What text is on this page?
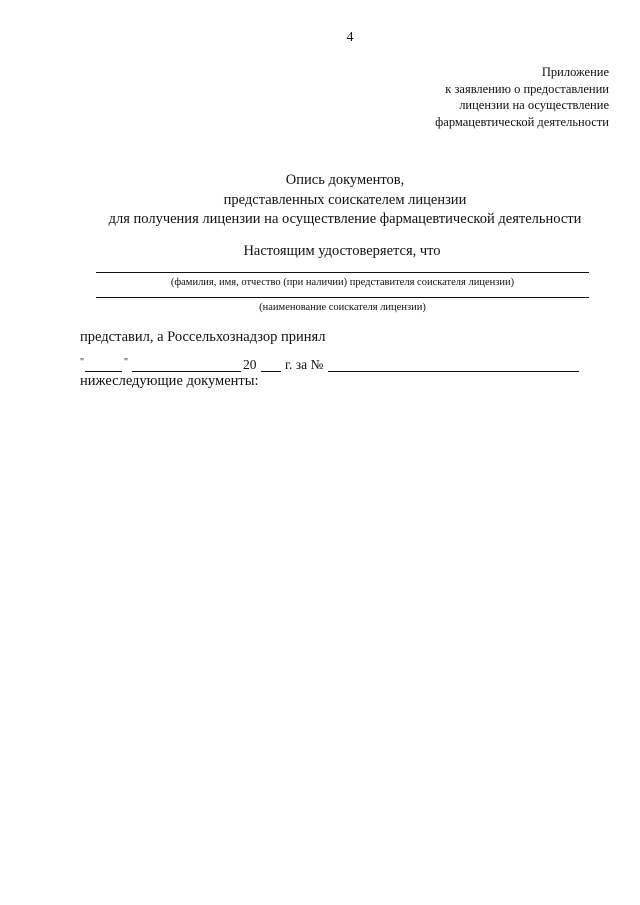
4
Приложение
к заявлению о предоставлении
лицензии на осуществление
фармацевтической деятельности
Опись документов,
представленных соискателем лицензии
для получения лицензии на осуществление фармацевтической деятельности
Настоящим удостоверяется, что
(фамилия, имя, отчество (при наличии) представителя соискателя лицензии)
(наименование соискателя лицензии)
представил, а Россельхознадзор принял
"	"	20 г. за №
нижеследующие документы:
